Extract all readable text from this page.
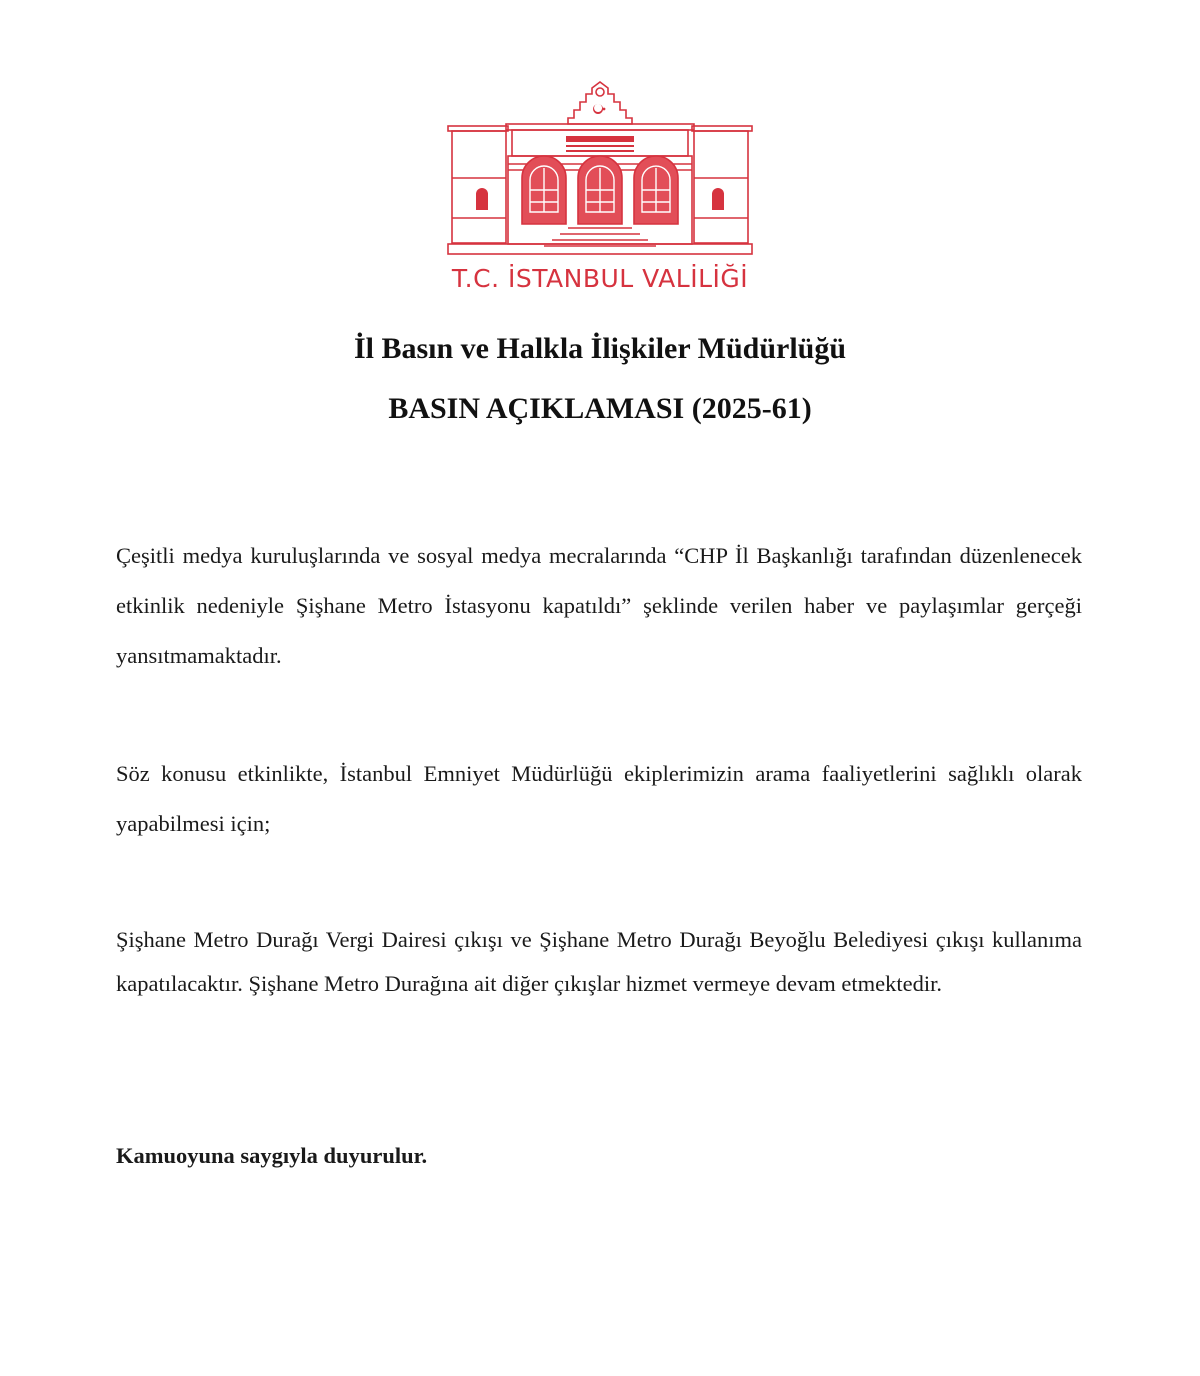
T.C. İSTANBUL VALİLİĞİ
İl Basın ve Halkla İlişkiler Müdürlüğü
BASIN AÇIKLAMASI (2025-61)

Çeşitli medya kuruluşlarında ve sosyal medya mecralarında “CHP İl Başkanlığı tarafından düzenlenecek etkinlik nedeniyle Şişhane Metro İstasyonu kapatıldı” şeklinde verilen haber ve paylaşımlar gerçeği yansıtmamaktadır.

Söz konusu etkinlikte, İstanbul Emniyet Müdürlüğü ekiplerimizin arama faaliyetlerini sağlıklı olarak yapabilmesi için;

Şişhane Metro Durağı Vergi Dairesi çıkışı ve Şişhane Metro Durağı Beyoğlu Belediyesi çıkışı kullanıma kapatılacaktır. Şişhane Metro Durağına ait diğer çıkışlar hizmet vermeye devam etmektedir.

Kamuoyuna saygıyla duyurulur.
